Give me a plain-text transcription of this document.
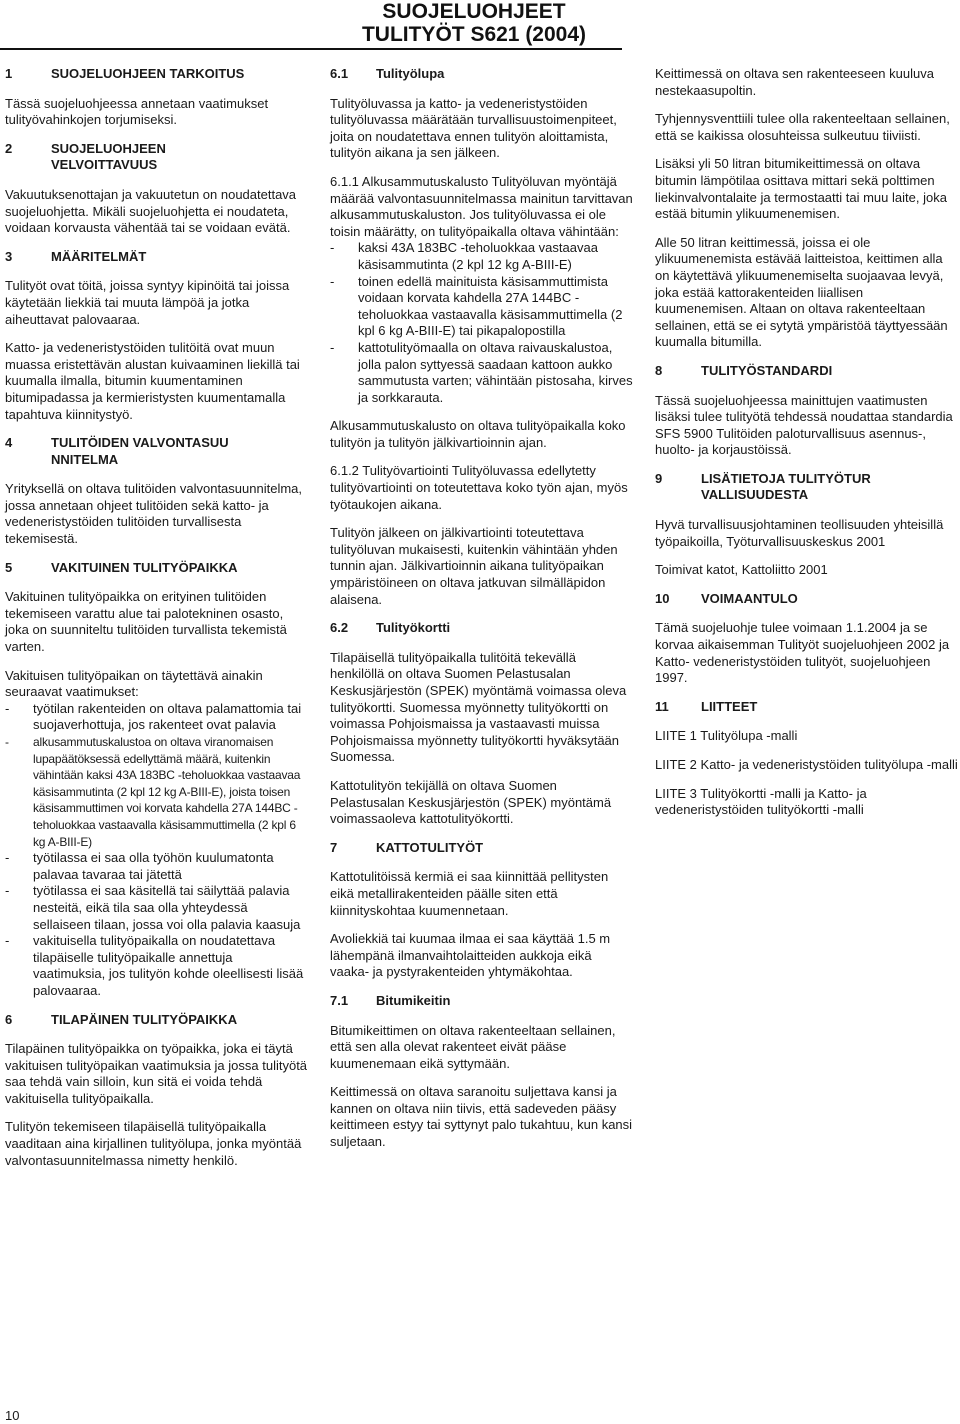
SUOJELUOHJEET
TULITYÖT S621 (2004)
1	SUOJELUOHJEEN TARKOITUS

Tässä suojeluohjeessa annetaan vaatimukset tulityövahinkojen torjumiseksi.

2	SUOJELUOHJEEN VELVOITTAVUUS

Vakuutuksenottajan ja vakuutetun on noudatettava suojeluohjetta. Mikäli suojeluohjetta ei noudateta, voidaan korvausta vähentää tai se voidaan evätä.

3	MÄÄRITELMÄT

Tulityöt ovat töitä, joissa syntyy kipinöitä tai joissa käytetään liekkiä tai muuta lämpöä ja jotka aiheuttavat palovaaraa.

Katto- ja vedeneristystöiden tulitöitä ovat muun muassa eristettävän alustan kuivaaminen liekillä tai kuumalla ilmalla, bitumin kuumentaminen bitumipadassa ja kermieristysten kuumentamalla tapahtuva kiinnitystyö.

4	TULITÖIDEN VALVONTASUUNNITELMA

Yrityksellä on oltava tulitöiden valvontasuunnitelma, jossa annetaan ohjeet tulitöiden sekä katto- ja vedeneristystöiden tulitöiden turvallisesta tekemisestä.

5	VAKITUINEN TULITYÖPAIKKA

Vakituinen tulityöpaikka on erityinen tulitöiden tekemiseen varattu alue tai palotekninen osasto, joka on suunniteltu tulitöiden turvallista tekemistä varten.

Vakituisen tulityöpaikan on täytettävä ainakin seuraavat vaatimukset:
-	työtilan rakenteiden on oltava palamattomia tai suojaverhottuja, jos rakenteet ovat palavia
-	alkusammutuskalustoa on oltava viranomaisen lupapäätöksessä edellyttämä määrä, kuitenkin vähintään kaksi 43A 183BC -teholuokkaa vastaavaa käsisammutinta (2 kpl 12 kg A-BIII-E), joista toisen käsisammuttimen voi korvata kahdella 27A 144BC -teholuokkaa vastaavalla käsisammuttimella (2 kpl 6 kg A-BIII-E)
-	työtilassa ei saa olla työhön kuulumatonta palavaa tavaraa tai jätettä
-	työtilassa ei saa käsitellä tai säilyttää palavia nesteitä, eikä tila saa olla yhteydessä sellaiseen tilaan, jossa voi olla palavia kaasuja
-	vakituisella tulityöpaikalla on noudatettava tilapäiselle tulityöpaikalle annettuja vaatimuksia, jos tulityön kohde oleellisesti lisää palovaaraa.
6	TILAPÄINEN TULITYÖPAIKKA

Tilapäinen tulityöpaikka on työpaikka, joka ei täytä vakituisen tulityöpaikan vaatimuksia ja jossa tulityötä saa tehdä vain silloin, kun sitä ei voida tehdä vakituisella tulityöpaikalla.

Tulityön tekemiseen tilapäisellä tulityöpaikalla vaaditaan aina kirjallinen tulityölupa, jonka myöntää valvontasuunnitelmassa nimetty henkilö.

6.1	Tulityölupa

Tulityöluvassa ja katto- ja vedeneristystöiden tulityöluvassa määrätään turvallisuustoimenpiteet, joita on noudatettava ennen tulityön aloittamista, tulityön aikana ja sen jälkeen.

6.1.1 Alkusammutuskalusto Tulityöluvan myöntäjä määrää valvontasuunnitelmassa mainitun tarvittavan alkusammutuskaluston. Jos tulityöluvassa ei ole toisin määrätty, on tulityöpaikalla oltava vähintään:
-	kaksi 43A 183BC -teholuokkaa vastaavaa käsisammutinta (2 kpl 12 kg A-BIII-E)
-	toinen edellä mainituista käsisammuttimista voidaan korvata kahdella 27A 144BC -teholuokkaa vastaavalla käsisammuttimella (2 kpl 6 kg A-BIII-E) tai pikapalopostilla
-	kattotulityömaalla on oltava raivauskalustoa, jolla palon syttyessä saadaan kattoon aukko sammutusta varten; vähintään pistosaha, kirves ja sorkkarauta.

Alkusammutuskalusto on oltava tulityöpaikalla koko tulityön ja tulityön jälkivartioinnin ajan.

6.1.2 Tulityövartiointi Tulityöluvassa edellytetty tulityövartiointi on toteutettava koko työn ajan, myös työtaukojen aikana.

Tulityön jälkeen on jälkivartiointi toteutettava tulityöluvan mukaisesti, kuitenkin vähintään yhden tunnin ajan. Jälkivartioinnin aikana tulityöpaikan ympäristöineen on oltava jatkuvan silmälläpidon alaisena.

6.2	Tulityökortti

Tilapäisellä tulityöpaikalla tulitöitä tekevällä henkilöllä on oltava Suomen Pelastusalan Keskusjärjestön (SPEK) myöntämä voimassa oleva tulityökortti. Suomessa myönnetty tulityökortti on voimassa Pohjoismaissa ja vastaavasti muissa Pohjoismaissa myönnetty tulityökortti hyväksytään Suomessa.

Kattotulityön tekijällä on oltava Suomen Pelastusalan Keskusjärjestön (SPEK) myöntämä voimassaoleva kattotulityökortti.

7	KATTOTULITYÖT

Kattotulitöissä kermiä ei saa kiinnittää pellitysten eikä metallirakenteiden päälle siten että kiinnityskohtaa kuumennetaan.

Avoliekkiä tai kuumaa ilmaa ei saa käyttää 1.5 m lähempänä ilmanvaihtolaitteiden aukkoja eikä vaaka- ja pystyrakenteiden yhtymäkohtaa.

7.1	Bitumikeitin

Bitumikeittimen on oltava rakenteeltaan sellainen, että sen alla olevat rakenteet eivät pääse kuumenemaan eikä syttymään.

Keittimessä on oltava saranoitu suljettava kansi ja kannen on oltava niin tiivis, että sadeveden pääsy keittimeen estyy tai syttynyt palo tukahtuu, kun kansi suljetaan.

Keittimessä on oltava sen rakenteeseen kuuluva nestekaasupoltin.

Tyhjennysventtiili tulee olla rakenteeltaan sellainen, että se kaikissa olosuhteissa sulkeutuu tiiviisti.

Lisäksi yli 50 litran bitumikeittimessä on oltava bitumin lämpötilaa osittava mittari sekä polttimen liekinvalvontalaite ja termostaatti tai muu laite, joka estää bitumin ylikuumenemisen.

Alle 50 litran keittimessä, joissa ei ole ylikuumenemista estävää laitteistoa, keittimen alla on käytettävä ylikuumenemiselta suojaavaa levyä, joka estää kattorakenteiden liiallisen kuumenemisen. Altaan on oltava rakenteeltaan sellainen, että se ei sytytä ympäristöä täyttyessään kuumalla bitumilla.

8	TULITYÖSTANDARDI

Tässä suojeluohjeessa mainittujen vaatimusten lisäksi tulee tulityötä tehdessä noudattaa standardia SFS 5900 Tulitöiden paloturvallisuus asennus-, huolto- ja korjaustöissä.

9	LISÄTIETOJA TULITYÖTURVALLISUUDESTA

Hyvä turvallisuusjohtaminen teollisuuden yhteisillä työpaikoilla, Työturvallisuuskeskus 2001

Toimivat katot, Kattoliitto 2001

10	VOIMAANTULO

Tämä suojeluohje tulee voimaan 1.1.2004 ja se korvaa aikaisemman Tulityöt suojeluohjeen 2002 ja Katto- vedeneristystöiden tulityöt, suojeluohjeen 1997.

11	LIITTEET

LIITE 1 Tulityölupa -malli

LIITE 2 Katto- ja vedeneristystöiden tulityölupa -malli

LIITE 3 Tulityökortti -malli ja Katto- ja vedeneristystöiden tulityökortti -malli

10
